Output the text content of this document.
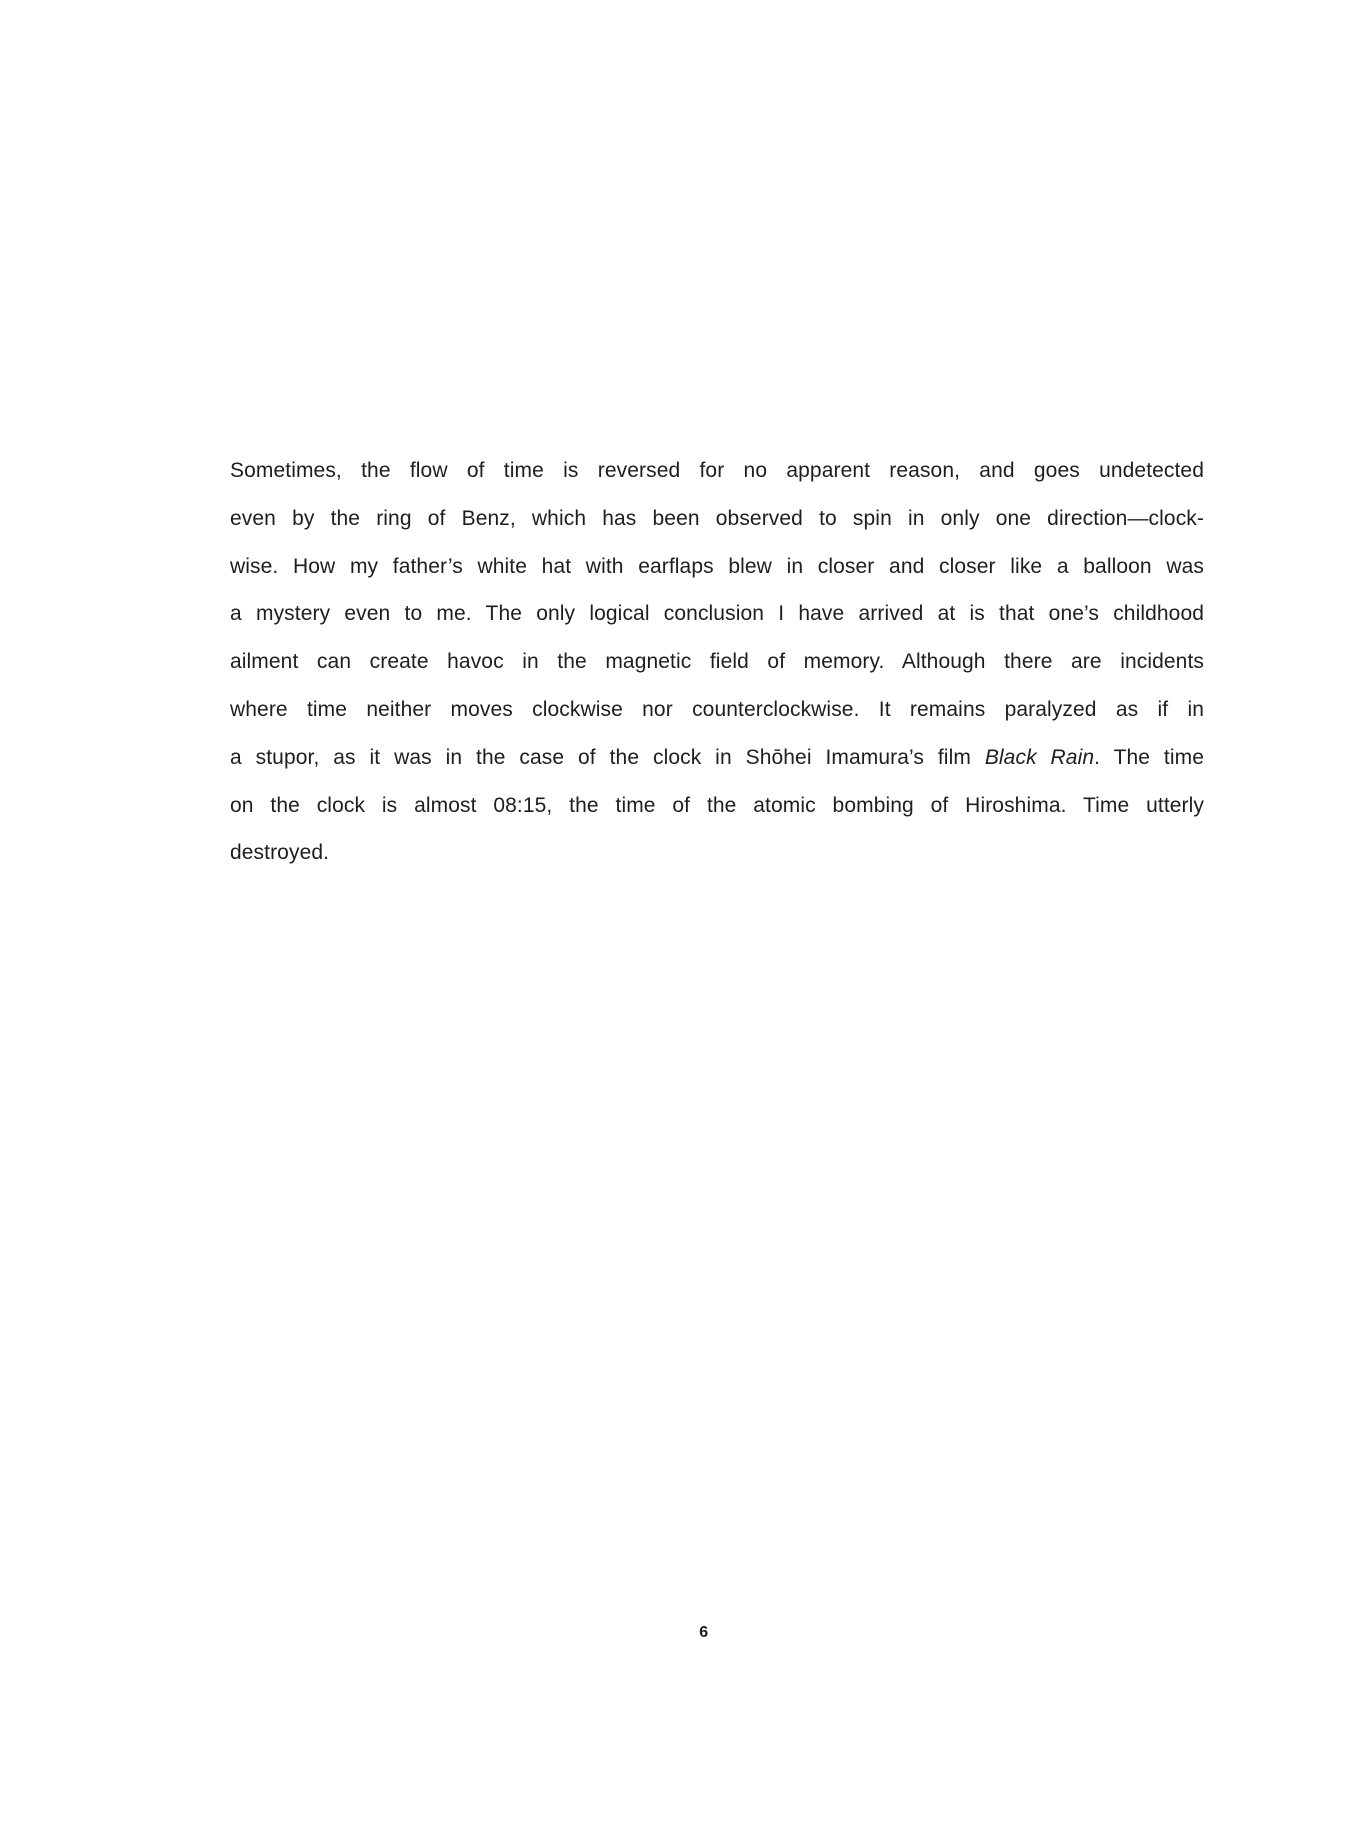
Sometimes, the flow of time is reversed for no apparent reason, and goes undetected
even by the ring of Benz, which has been observed to spin in only one direction—clock-
wise. How my father’s white hat with earflaps blew in closer and closer like a balloon was
a mystery even to me. The only logical conclusion I have arrived at is that one’s childhood
ailment can create havoc in the magnetic field of memory. Although there are incidents
where time neither moves clockwise nor counterclockwise. It remains paralyzed as if in
a stupor, as it was in the case of the clock in Shōhei Imamura’s film Black Rain. The time
on the clock is almost 08:15, the time of the atomic bombing of Hiroshima. Time utterly
destroyed.
6
